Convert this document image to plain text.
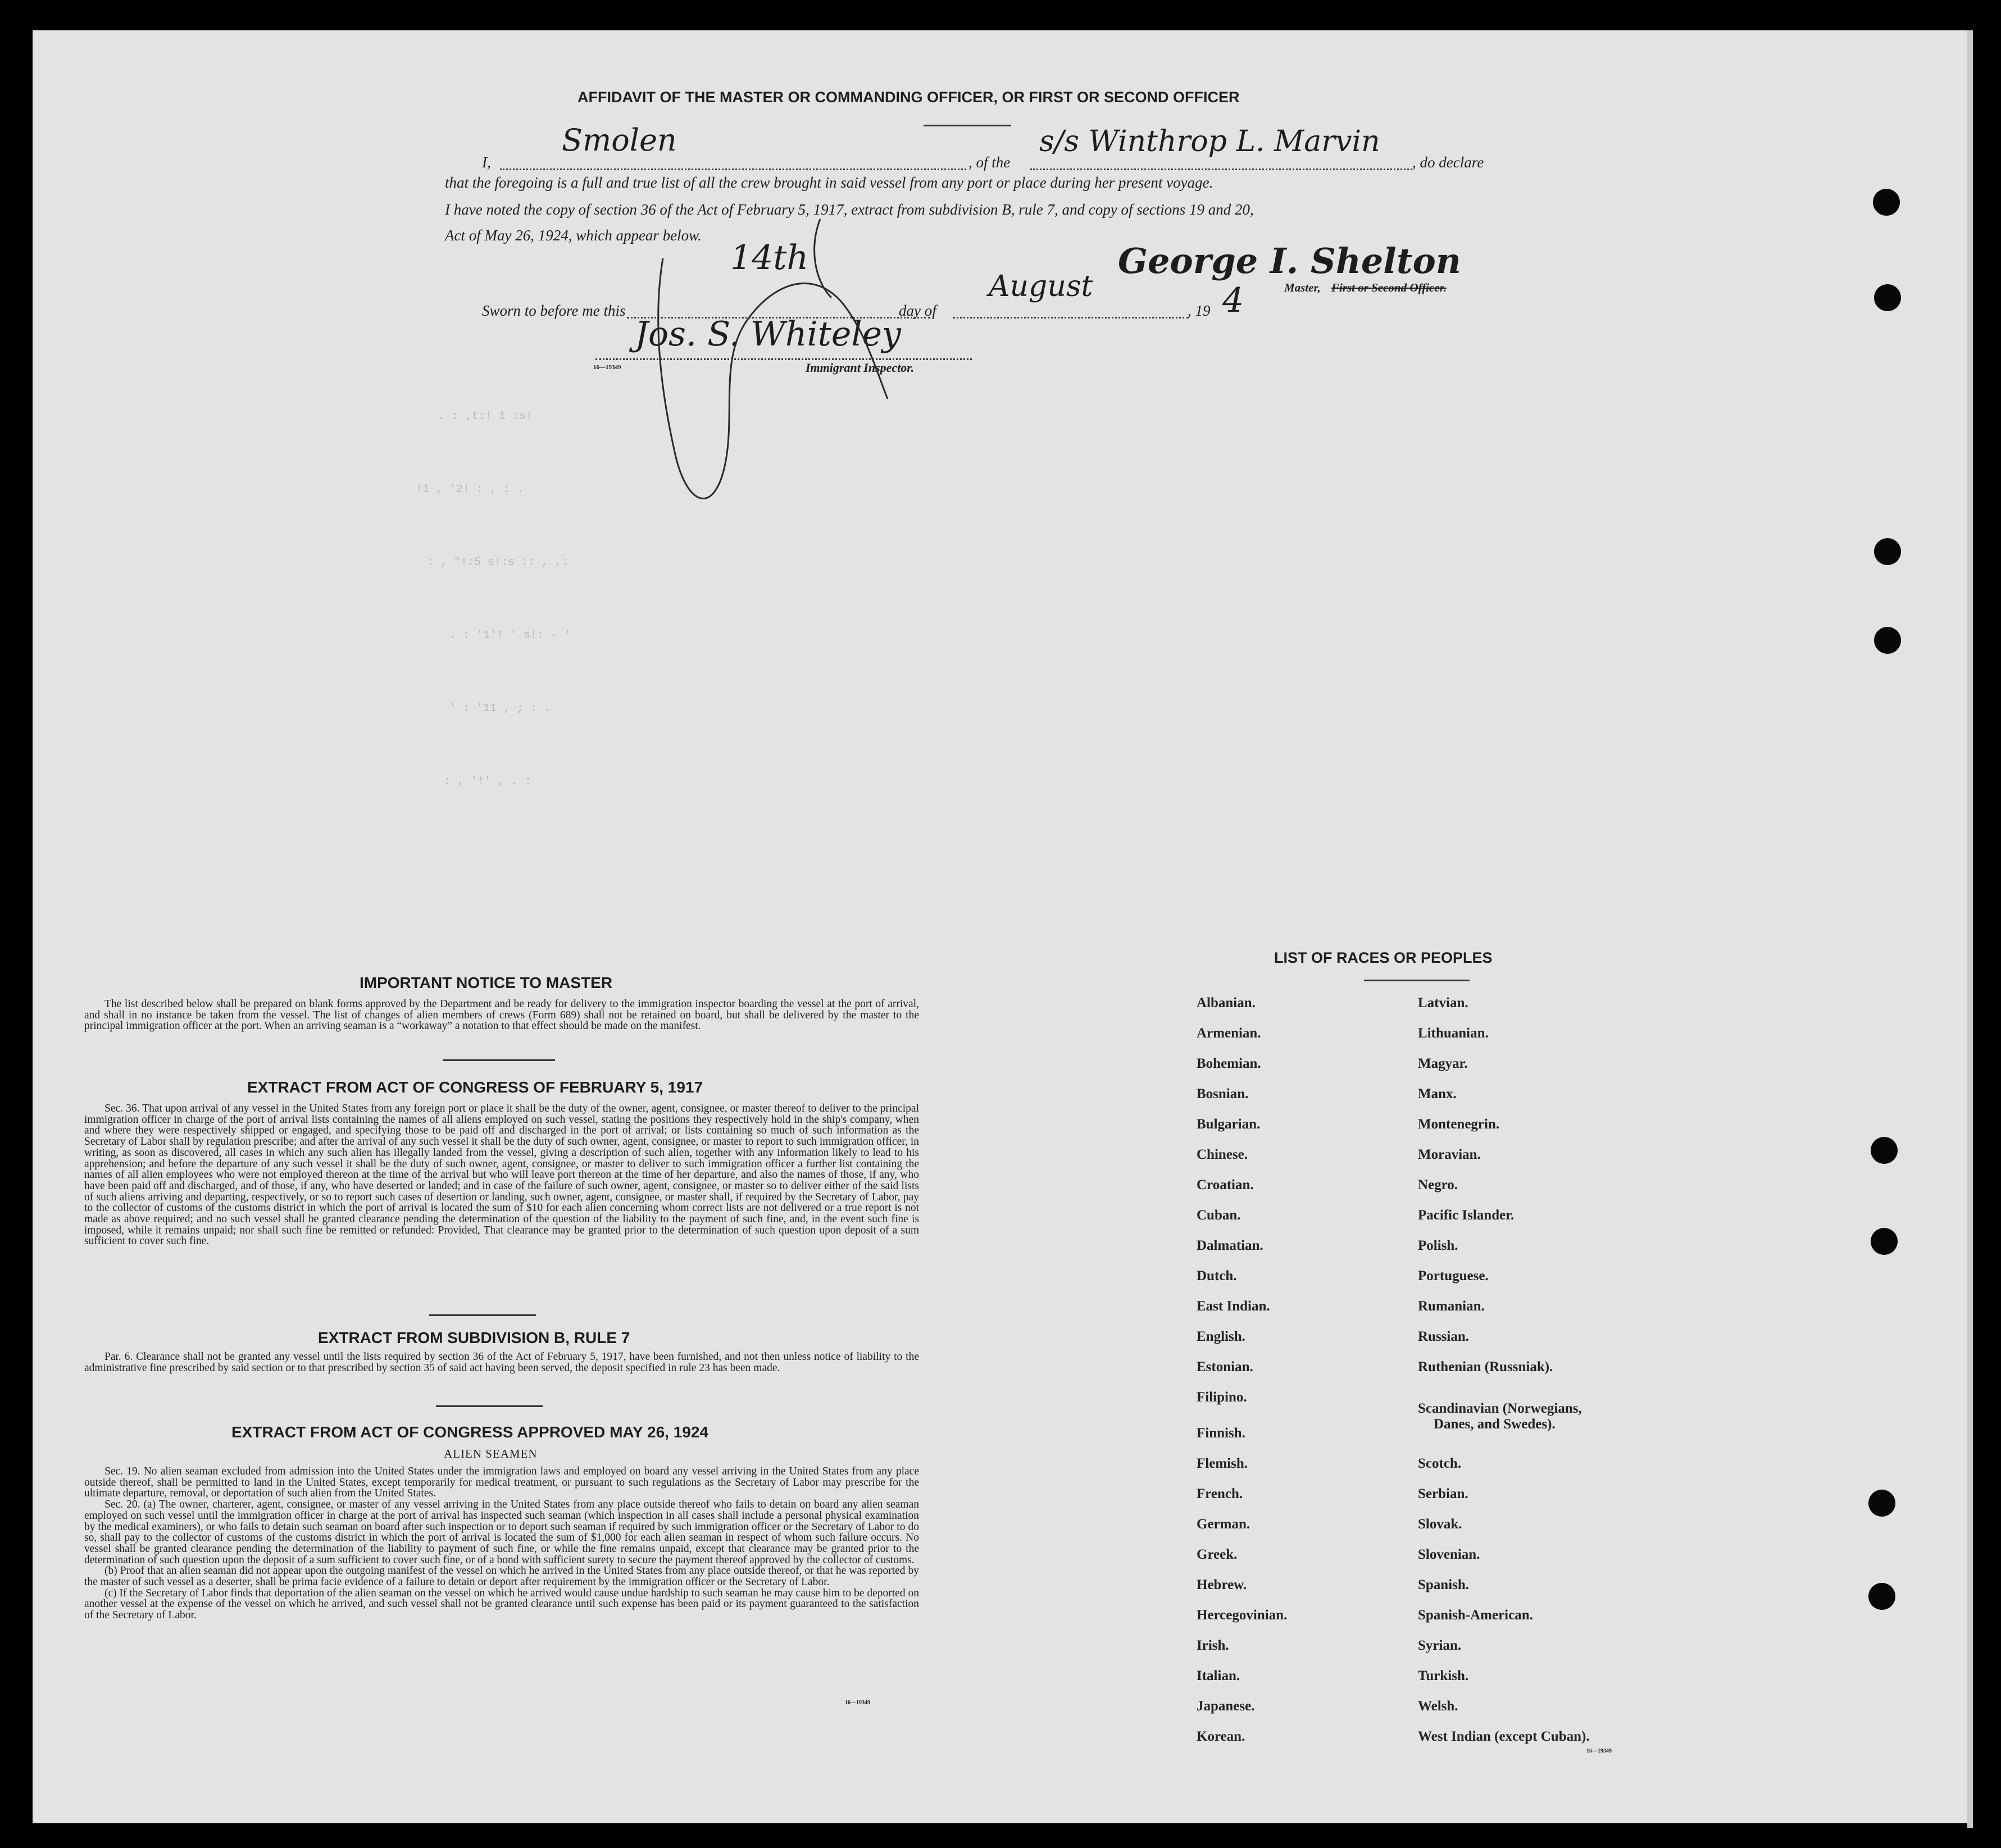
AFFIDAVIT OF THE MASTER OR COMMANDING OFFICER, OR FIRST OR SECOND OFFICER
I,
Smolen
, of the
s/s Winthrop L. Marvin
, do declare
that the foregoing is a full and true list of all the crew brought in said vessel from any port or place during her present voyage.
I have noted the copy of section 36 of the Act of February 5, 1917, extract from subdivision B, rule 7, and copy of sections 19 and 20,
Act of May 26, 1924, which appear below.
George I. Shelton
Master, First or Second Officer.
Sworn to before me this
14th
day of
August
, 19 4
Jos. S. Whiteley
16—19349	Immigrant Inspector.
. : ,t:! 1 :s!
!1 , '2! : , : .
: , "!:5 s!:s :: , ,:
. : '1'! ' s!: - '
' : '11 , ; : .
: , '!' , . :
IMPORTANT NOTICE TO MASTER

The list described below shall be prepared on blank forms approved by the Department and be ready for delivery to the immigration inspector boarding the vessel at the port of arrival, and shall in no instance be taken from the vessel. The list of changes of alien members of crews (Form 689) shall not be retained on board, but shall be delivered by the master to the principal immigration officer at the port. When an arriving seaman is a “workaway” a notation to that effect should be made on the manifest.

EXTRACT FROM ACT OF CONGRESS OF FEBRUARY 5, 1917

Sec. 36. That upon arrival of any vessel in the United States from any foreign port or place it shall be the duty of the owner, agent, consignee, or master thereof to deliver to the principal immigration officer in charge of the port of arrival lists containing the names of all aliens employed on such vessel, stating the positions they respectively hold in the ship's company, when and where they were respectively shipped or engaged, and specifying those to be paid off and discharged in the port of arrival; or lists containing so much of such information as the Secretary of Labor shall by regulation prescribe; and after the arrival of any such vessel it shall be the duty of such owner, agent, consignee, or master to report to such immigration officer, in writing, as soon as discovered, all cases in which any such alien has illegally landed from the vessel, giving a description of such alien, together with any information likely to lead to his apprehension; and before the departure of any such vessel it shall be the duty of such owner, agent, consignee, or master to deliver to such immigration officer a further list containing the names of all alien employees who were not employed thereon at the time of the arrival but who will leave port thereon at the time of her departure, and also the names of those, if any, who have been paid off and discharged, and of those, if any, who have deserted or landed; and in case of the failure of such owner, agent, consignee, or master so to deliver either of the said lists of such aliens arriving and departing, respectively, or so to report such cases of desertion or landing, such owner, agent, consignee, or master shall, if required by the Secretary of Labor, pay to the collector of customs of the customs district in which the port of arrival is located the sum of $10 for each alien concerning whom correct lists are not delivered or a true report is not made as above required; and no such vessel shall be granted clearance pending the determination of the question of the liability to the payment of such fine, and, in the event such fine is imposed, while it remains unpaid; nor shall such fine be remitted or refunded: Provided, That clearance may be granted prior to the determination of such question upon deposit of a sum sufficient to cover such fine.

EXTRACT FROM SUBDIVISION B, RULE 7

Par. 6. Clearance shall not be granted any vessel until the lists required by section 36 of the Act of February 5, 1917, have been furnished, and not then unless notice of liability to the administrative fine prescribed by said section or to that prescribed by section 35 of said act having been served, the deposit specified in rule 23 has been made.

EXTRACT FROM ACT OF CONGRESS APPROVED MAY 26, 1924
ALIEN SEAMEN

Sec. 19. No alien seaman excluded from admission into the United States under the immigration laws and employed on board any vessel arriving in the United States from any place outside thereof, shall be permitted to land in the United States, except temporarily for medical treatment, or pursuant to such regulations as the Secretary of Labor may prescribe for the ultimate departure, removal, or deportation of such alien from the United States.

Sec. 20. (a) The owner, charterer, agent, consignee, or master of any vessel arriving in the United States from any place outside thereof who fails to detain on board any alien seaman employed on such vessel until the immigration officer in charge at the port of arrival has inspected such seaman (which inspection in all cases shall include a personal physical examination by the medical examiners), or who fails to detain such seaman on board after such inspection or to deport such seaman if required by such immigration officer or the Secretary of Labor to do so, shall pay to the collector of customs of the customs district in which the port of arrival is located the sum of $1,000 for each alien seaman in respect of whom such failure occurs. No vessel shall be granted clearance pending the determination of the liability to payment of such fine, or while the fine remains unpaid, except that clearance may be granted prior to the determination of such question upon the deposit of a sum sufficient to cover such fine, or of a bond with sufficient surety to secure the payment thereof approved by the collector of customs.

(b) Proof that an alien seaman did not appear upon the outgoing manifest of the vessel on which he arrived in the United States from any place outside thereof, or that he was reported by the master of such vessel as a deserter, shall be prima facie evidence of a failure to detain or deport after requirement by the immigration officer or the Secretary of Labor.

(c) If the Secretary of Labor finds that deportation of the alien seaman on the vessel on which he arrived would cause undue hardship to such seaman he may cause him to be deported on another vessel at the expense of the vessel on which he arrived, and such vessel shall not be granted clearance until such expense has been paid or its payment guaranteed to the satisfaction of the Secretary of Labor.

16—19349
LIST OF RACES OR PEOPLES
Albanian.
Armenian.
Bohemian.
Bosnian.
Bulgarian.
Chinese.
Croatian.
Cuban.
Dalmatian.
Dutch.
East Indian.
English.
Estonian.
Filipino.
Finnish.
Flemish.
French.
German.
Greek.
Hebrew.
Hercegovinian.
Irish.
Italian.
Japanese.
Korean.
Latvian.
Lithuanian.
Magyar.
Manx.
Montenegrin.
Moravian.
Negro.
Pacific Islander.
Polish.
Portuguese.
Rumanian.
Russian.
Ruthenian (Russniak).
Scandinavian (Norwegians,
Danes, and Swedes).
Scotch.
Serbian.
Slovak.
Slovenian.
Spanish.
Spanish-American.
Syrian.
Turkish.
Welsh.
West Indian (except Cuban).
16—19349
